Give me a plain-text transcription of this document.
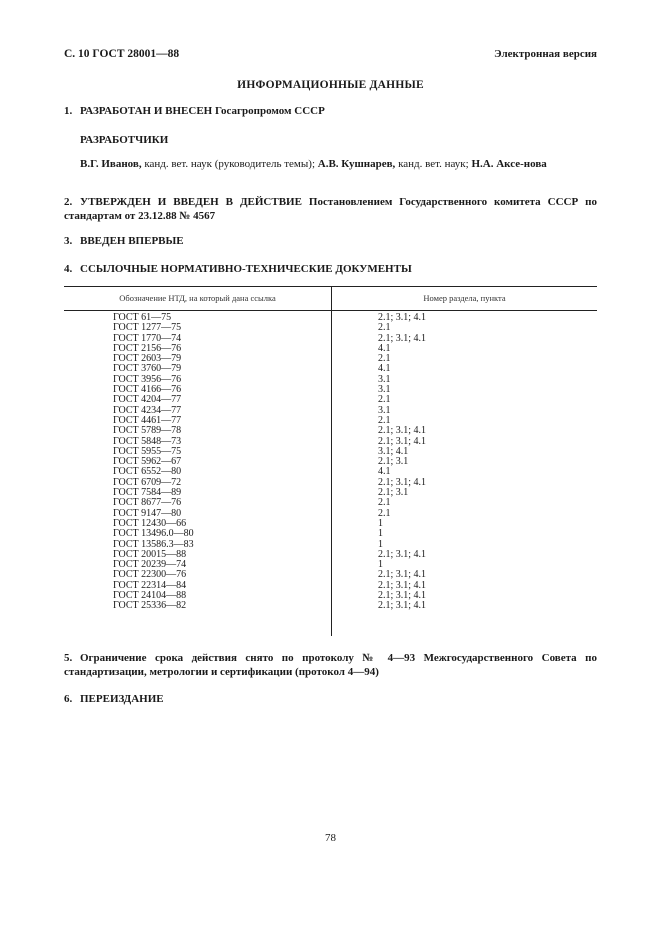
С. 10 ГОСТ 28001—88	Электронная версия
ИНФОРМАЦИОННЫЕ ДАННЫЕ
1. РАЗРАБОТАН И ВНЕСЕН Госагропромом СССР
РАЗРАБОТЧИКИ
В.Г. Иванов, канд. вет. наук (руководитель темы); А.В. Кушнарев, канд. вет. наук; Н.А. Аксе-нова
2. УТВЕРЖДЕН И ВВЕДЕН В ДЕЙСТВИЕ Постановлением Государственного комитета СССР по стандартам от 23.12.88 № 4567
3. ВВЕДЕН ВПЕРВЫЕ
4. ССЫЛОЧНЫЕ НОРМАТИВНО-ТЕХНИЧЕСКИЕ ДОКУМЕНТЫ
Обозначение НТД, на который дана ссылка	Номер раздела, пункта
ГОСТ 61—75	2.1; 3.1; 4.1
ГОСТ 1277—75	2.1
ГОСТ 1770—74	2.1; 3.1; 4.1
ГОСТ 2156—76	4.1
ГОСТ 2603—79	2.1
ГОСТ 3760—79	4.1
ГОСТ 3956—76	3.1
ГОСТ 4166—76	3.1
ГОСТ 4204—77	2.1
ГОСТ 4234—77	3.1
ГОСТ 4461—77	2.1
ГОСТ 5789—78	2.1; 3.1; 4.1
ГОСТ 5848—73	2.1; 3.1; 4.1
ГОСТ 5955—75	3.1; 4.1
ГОСТ 5962—67	2.1; 3.1
ГОСТ 6552—80	4.1
ГОСТ 6709—72	2.1; 3.1; 4.1
ГОСТ 7584—89	2.1; 3.1
ГОСТ 8677—76	2.1
ГОСТ 9147—80	2.1
ГОСТ 12430—66	1
ГОСТ 13496.0—80	1
ГОСТ 13586.3—83	1
ГОСТ 20015—88	2.1; 3.1; 4.1
ГОСТ 20239—74	1
ГОСТ 22300—76	2.1; 3.1; 4.1
ГОСТ 22314—84	2.1; 3.1; 4.1
ГОСТ 24104—88	2.1; 3.1; 4.1
ГОСТ 25336—82	2.1; 3.1; 4.1
5. Ограничение срока действия снято по протоколу № 4—93 Межгосударственного Совета по стандартизации, метрологии и сертификации (протокол 4—94)
6. ПЕРЕИЗДАНИЕ
78
